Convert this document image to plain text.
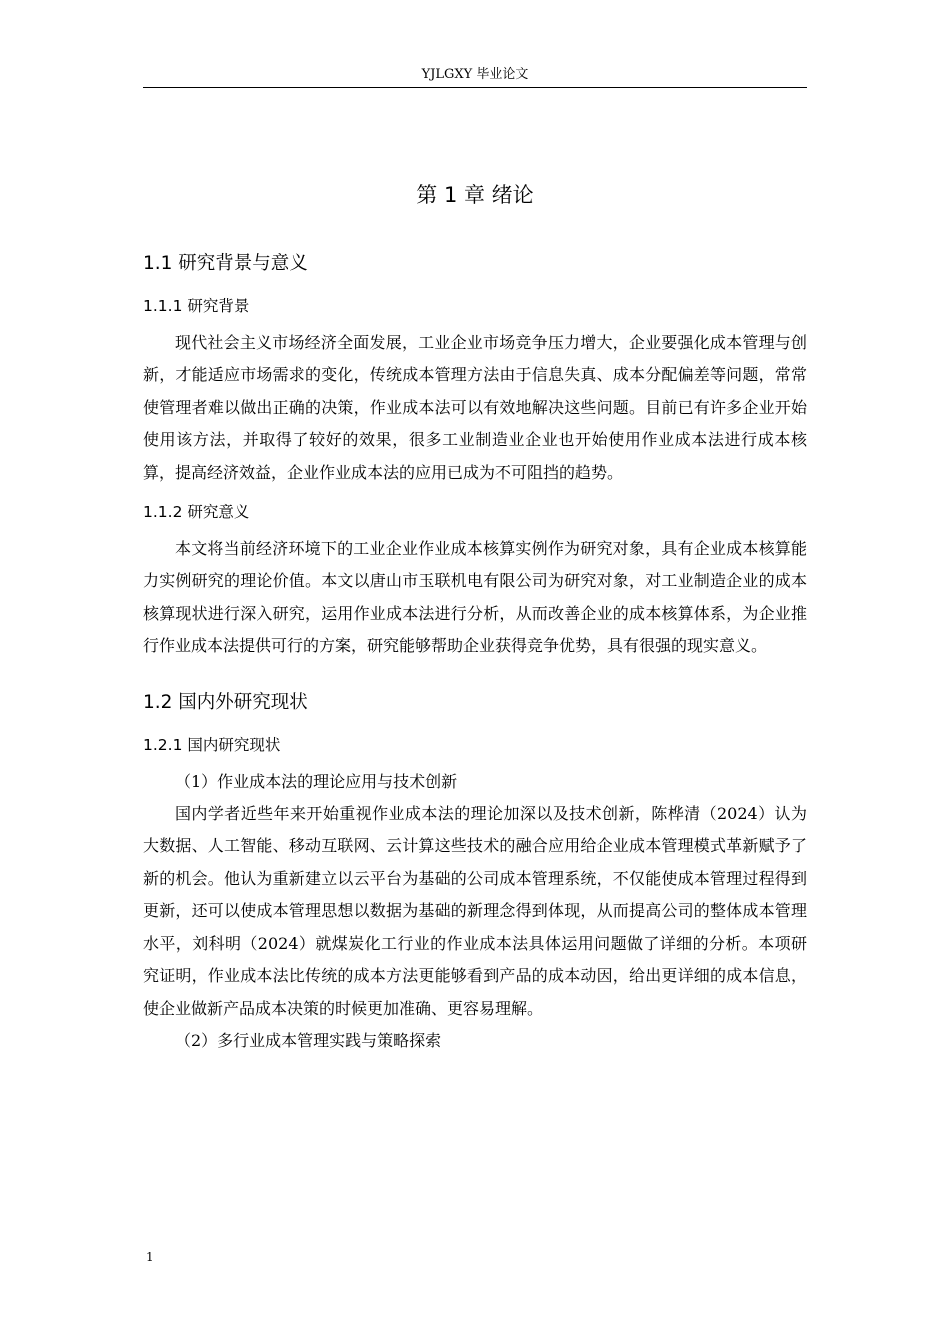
YJLGXY 毕业论文
第 1 章 绪论
1.1 研究背景与意义
1.1.1 研究背景

现代社会主义市场经济全面发展，工业企业市场竞争压力增大，企业要强化成本管理与创新，才能适应市场需求的变化，传统成本管理方法由于信息失真、成本分配偏差等问题，常常使管理者难以做出正确的决策，作业成本法可以有效地解决这些问题。目前已有许多企业开始使用该方法，并取得了较好的效果，很多工业制造业企业也开始使用作业成本法进行成本核算，提高经济效益，企业作业成本法的应用已成为不可阻挡的趋势。

1.1.2 研究意义

本文将当前经济环境下的工业企业作业成本核算实例作为研究对象，具有企业成本核算能力实例研究的理论价值。本文以唐山市玉联机电有限公司为研究对象，对工业制造企业的成本核算现状进行深入研究，运用作业成本法进行分析，从而改善企业的成本核算体系，为企业推行作业成本法提供可行的方案，研究能够帮助企业获得竞争优势，具有很强的现实意义。

1.2 国内外研究现状
1.2.1 国内研究现状

（1）作业成本法的理论应用与技术创新

国内学者近些年来开始重视作业成本法的理论加深以及技术创新，陈桦清（2024）认为大数据、人工智能、移动互联网、云计算这些技术的融合应用给企业成本管理模式革新赋予了新的机会。他认为重新建立以云平台为基础的公司成本管理系统，不仅能使成本管理过程得到更新，还可以使成本管理思想以数据为基础的新理念得到体现，从而提高公司的整体成本管理水平，刘科明（2024）就煤炭化工行业的作业成本法具体运用问题做了详细的分析。本项研究证明，作业成本法比传统的成本方法更能够看到产品的成本动因，给出更详细的成本信息，使企业做新产品成本决策的时候更加准确、更容易理解。

（2）多行业成本管理实践与策略探索

1
